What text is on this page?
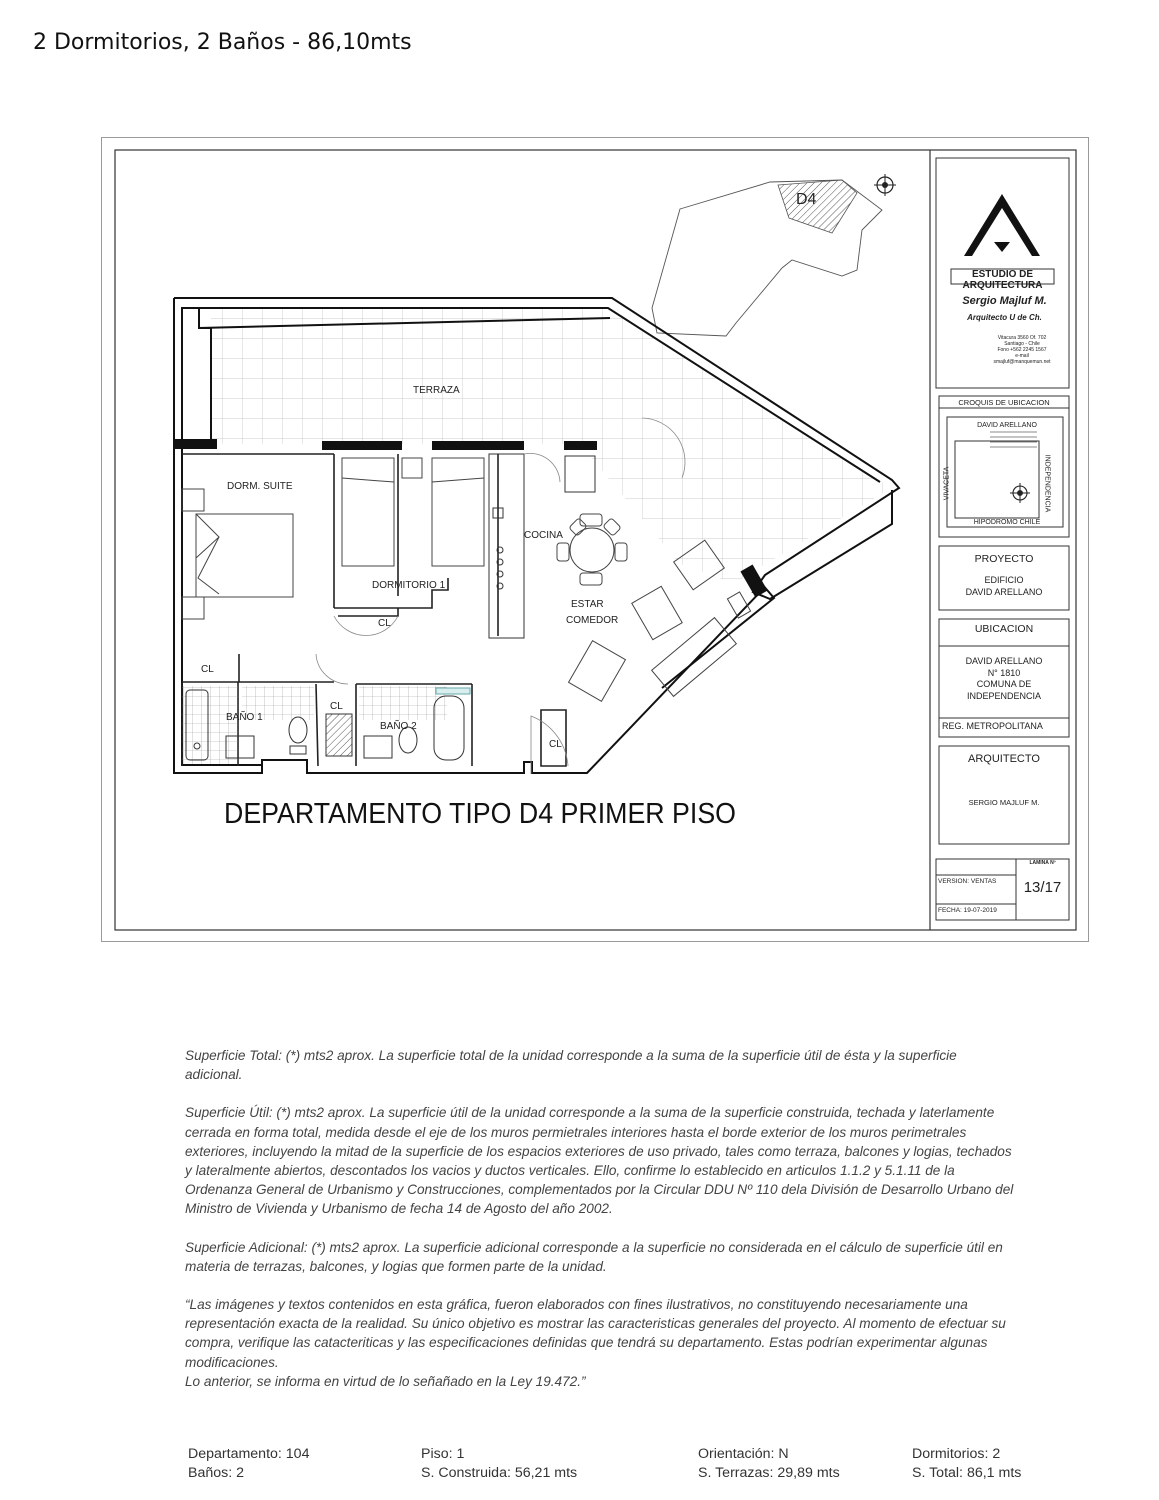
2 Dormitorios, 2 Baños - 86,10mts
D4
TERRAZA
DORM. SUITE
DORMITORIO 1
COCINA
ESTAR
COMEDOR
BAÑO 1
BAÑO 2
CL
CL
CL
CL
DEPARTAMENTO TIPO D4 PRIMER PISO
ESTUDIO DE ARQUITECTURA
Sergio Majluf M.
Arquitecto U de Ch.
Vitacura 3560 Of. 702
Santiago - Chile
Fono +562 2245 1567
e-mail
smajluf@manquemun.net
CROQUIS DE UBICACION
DAVID ARELLANO
HIPODROMO CHILE
VIVACETA	INDEPENDENCIA
PROYECTO
EDIFICIO
DAVID ARELLANO
UBICACION
DAVID ARELLANO
N° 1810
COMUNA DE
INDEPENDENCIA
REG. METROPOLITANA
ARQUITECTO
SERGIO MAJLUF M.
LAMINA Nº
13/17
VERSION: VENTAS
FECHA: 19-07-2019

Superficie Total: (*) mts2 aprox. La superficie total de la unidad corresponde a la suma de la superficie útil de ésta y la superficie adicional.

Superficie Útil: (*) mts2 aprox. La superficie útil de la unidad corresponde a la suma de la superficie construida, techada y laterlamente cerrada en forma total, medida desde el eje de los muros permietrales interiores hasta el borde exterior de los muros perimetrales exteriores, incluyendo la mitad de la superficie de los espacios exteriores de uso privado, tales como terraza, balcones y logias, techados y lateralmente abiertos, descontados los vacios y ductos verticales. Ello, confirme lo establecido en articulos 1.1.2 y 5.1.11 de la Ordenanza General de Urbanismo y Construcciones, complementados por la Circular DDU Nº 110 dela División de Desarrollo Urbano del Ministro de Vivienda y Urbanismo de fecha 14 de Agosto del año 2002.

Superficie Adicional: (*) mts2 aprox. La superficie adicional corresponde a la superficie no considerada en el cálculo de superficie útil en materia de terrazas, balcones, y logias que formen parte de la unidad.

“Las imágenes y textos contenidos en esta gráfica, fueron elaborados con fines ilustrativos, no constituyendo necesariamente una representación exacta de la realidad. Su único objetivo es mostrar las caracteristicas generales del proyecto. Al momento de efectuar su compra, verifique las catacteriticas y las especificaciones definidas que tendrá su departamento. Estas podrían experimentar algunas modificaciones.
Lo anterior, se informa en virtud de lo señañado en la Ley 19.472.”
Departamento: 104
Baños: 2
Piso: 1
S. Construida: 56,21 mts
Orientación: N
S. Terrazas: 29,89 mts
Dormitorios: 2
S. Total: 86,1 mts
